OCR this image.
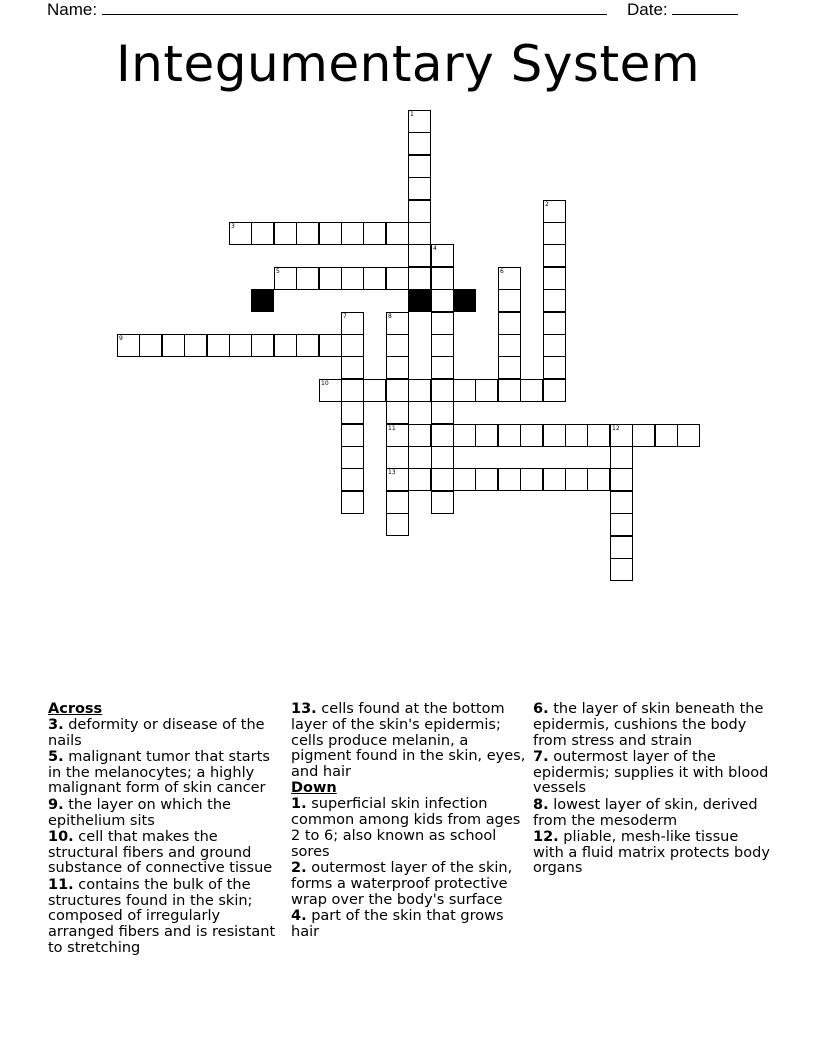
Name:	Date:
Integumentary System
1
2
3
4
5	6
7	8
11
13
9
10
12
Across
3. deformity or disease of the nails
5. malignant tumor that starts in the melanocytes; a highly malignant form of skin cancer
9. the layer on which the epithelium sits
10. cell that makes the structural fibers and ground substance of connective tissue
11. contains the bulk of the structures found in the skin; composed of irregularly arranged fibers and is resistant to stretching
13. cells found at the bottom layer of the skin's epidermis; cells produce melanin, a pigment found in the skin, eyes, and hair
Down
1. superficial skin infection common among kids from ages 2 to 6; also known as school sores
2. outermost layer of the skin, forms a waterproof protective wrap over the body's surface
4. part of the skin that grows hair
6. the layer of skin beneath the epidermis, cushions the body from stress and strain
7. outermost layer of the epidermis; supplies it with blood vessels
8. lowest layer of skin, derived from the mesoderm
12. pliable, mesh-like tissue with a fluid matrix protects body organs
